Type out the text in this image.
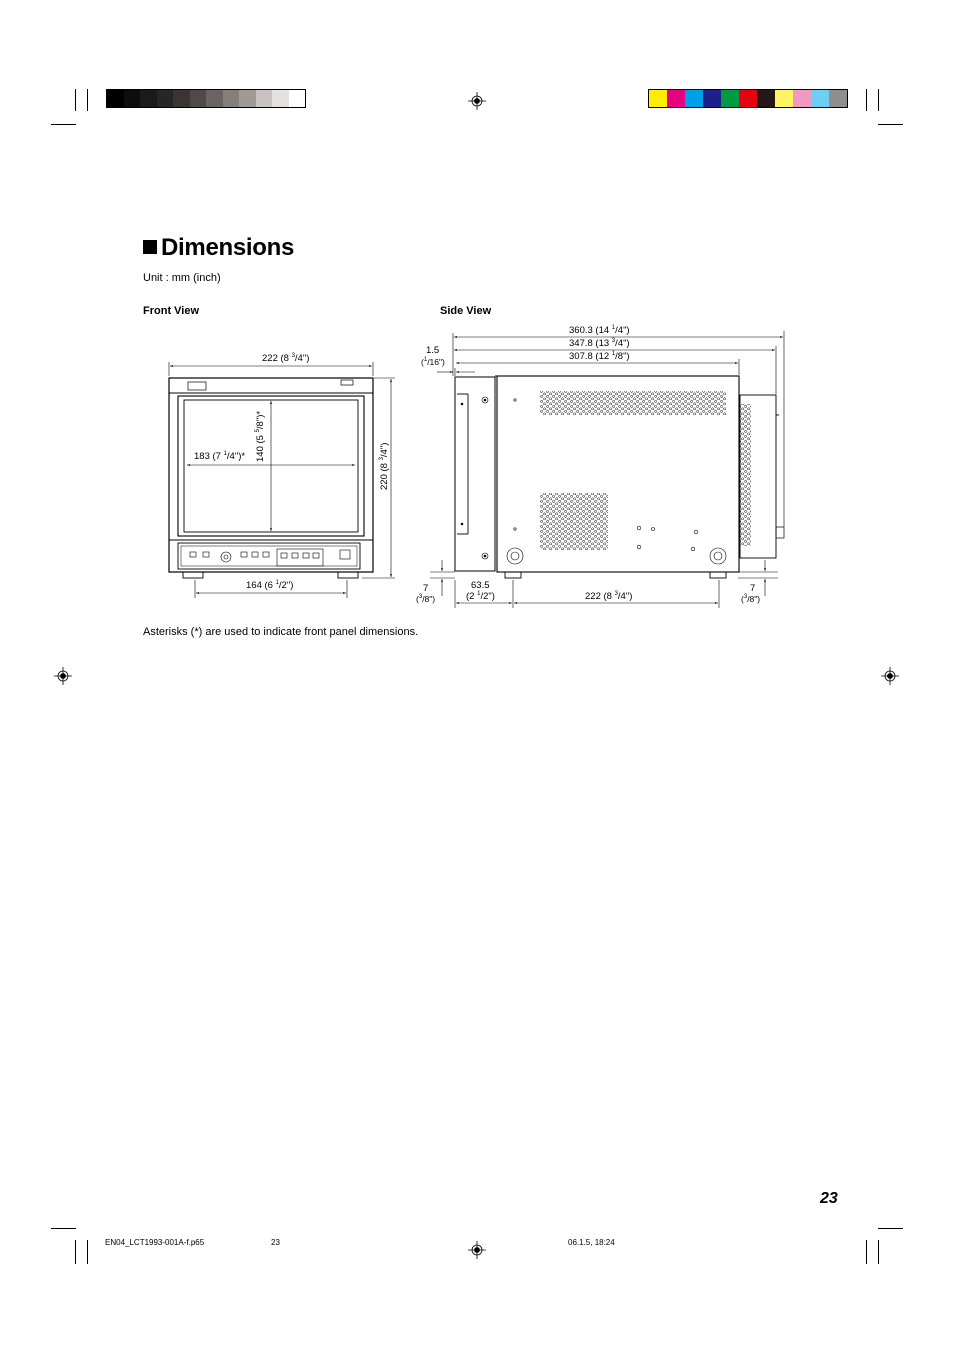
Dimensions
Unit : mm (inch)
Front View	Side View
222 (8 $^3$/4")
183 (7 $^1$/4")* 140 (5 $^5$/8")*
220 (8 $^3$/4")
164 (6 $^1$/2")
360.3 (14 $^1$/4")
347.8 (13 $^3$/4")
307.8 (12 $^1$/8")
1.5
($^1$/16")
7
($^3$/8")
63.5
(2 $^1$/2")	222 (8 $^3$/4")
7
($^3$/8")
Asterisks (*) are used to indicate front panel dimensions.
23
EN04_LCT1993-001A-f.p65	23	06.1.5, 18:24
